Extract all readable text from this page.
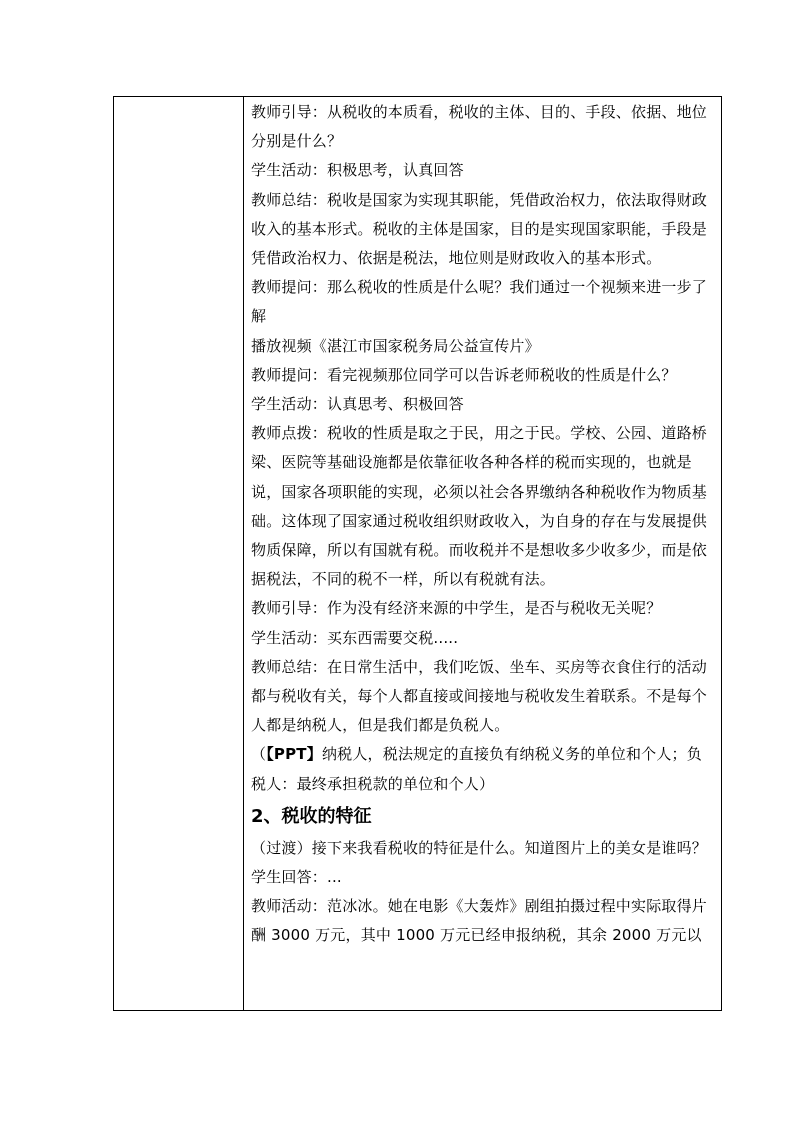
教师引导：从税收的本质看，税收的主体、目的、手段、依据、地位分别是什么？

学生活动：积极思考，认真回答

教师总结：税收是国家为实现其职能，凭借政治权力，依法取得财政收入的基本形式。税收的主体是国家，目的是实现国家职能，手段是凭借政治权力、依据是税法，地位则是财政收入的基本形式。

教师提问：那么税收的性质是什么呢？我们通过一个视频来进一步了解

播放视频《湛江市国家税务局公益宣传片》

教师提问：看完视频那位同学可以告诉老师税收的性质是什么？

学生活动：认真思考、积极回答

教师点拨：税收的性质是取之于民，用之于民。学校、公园、道路桥梁、医院等基础设施都是依靠征收各种各样的税而实现的，也就是说，国家各项职能的实现，必须以社会各界缴纳各种税收作为物质基础。这体现了国家通过税收组织财政收入，为自身的存在与发展提供物质保障，所以有国就有税。而收税并不是想收多少收多少，而是依据税法，不同的税不一样，所以有税就有法。

教师引导：作为没有经济来源的中学生，是否与税收无关呢？

学生活动：买东西需要交税.....

教师总结：在日常生活中，我们吃饭、坐车、买房等衣食住行的活动都与税收有关，每个人都直接或间接地与税收发生着联系。不是每个人都是纳税人，但是我们都是负税人。

（【PPT】纳税人，税法规定的直接负有纳税义务的单位和个人；负税人：最终承担税款的单位和个人）

2、税收的特征

（过渡）接下来我看税收的特征是什么。知道图片上的美女是谁吗？

学生回答：...

教师活动：范冰冰。她在电影《大轰炸》剧组拍摄过程中实际取得片酬 3000 万元，其中 1000 万元已经申报纳税，其余 2000 万元以
